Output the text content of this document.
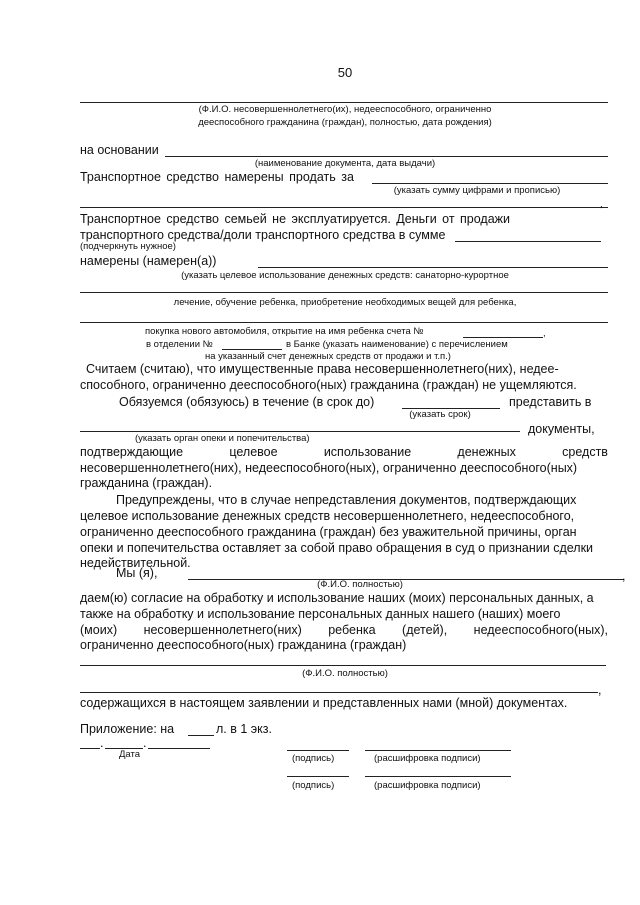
50
(Ф.И.О. несовершеннолетнего(их), недееспособного, ограниченно
дееспособного гражданина (граждан), полностью, дата рождения)
на основании
(наименование документа, дата выдачи)
Транспортное средство намерены продать за
(указать сумму цифрами и прописью)
,
Транспортное средство семьей не эксплуатируется. Деньги от продажи
транспортного средства/доли транспортного средства в сумме
(подчеркнуть нужное)
намерены (намерен(а))
(указать целевое использование денежных средств: санаторно-курортное
лечение, обучение ребенка, приобретение необходимых вещей для ребенка,
покупка нового автомобиля, открытие на имя ребенка счета №	,
в отделении №	в Банке (указать наименование) с перечислением
на указанный счет денежных средств от продажи и т.п.)
Считаем (считаю), что имущественные права несовершеннолетнего(них), недее-
способного, ограниченно дееспособного(ных) гражданина (граждан) не ущемляются.
Обязуемся (обязуюсь) в течение (в срок до)	представить в
(указать срок)
документы,
(указать орган опеки и попечительства)
подтверждающие	целевое	использование	денежных	средств
несовершеннолетнего(них), недееспособного(ных), ограниченно дееспособного(ных)
гражданина (граждан).
Предупреждены, что в случае непредставления документов, подтверждающих
целевое использование денежных средств несовершеннолетнего, недееспособного,
ограниченно дееспособного гражданина (граждан) без уважительной причины, орган
опеки и попечительства оставляет за собой право обращения в суд о признании сделки
недействительной.
Мы (я),	,
(Ф.И.О. полностью)
даем(ю) согласие на обработку и использование наших (моих) персональных данных, а
также на обработку и использование персональных данных нашего (наших) моего
(моих) несовершеннолетнего(них) ребенка (детей), недееспособного(ных),
ограниченно дееспособного(ных) гражданина (граждан)
(Ф.И.О. полностью)
,
содержащихся в настоящем заявлении и представленных нами (мной) документах.
Приложение: на	л. в 1 экз.
.	.
Дата	(подпись)	(расшифровка подписи)
(подпись)	(расшифровка подписи)
